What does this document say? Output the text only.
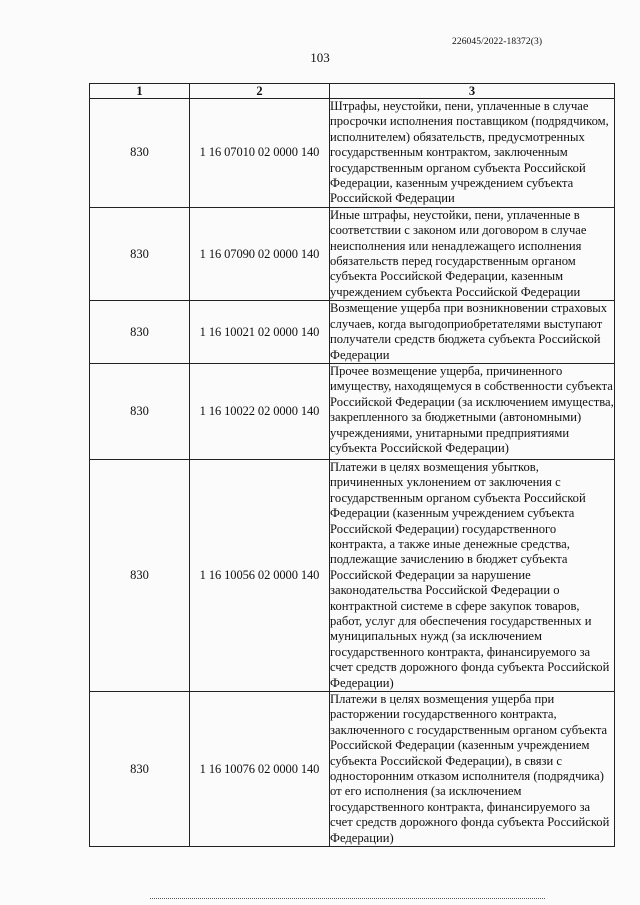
226045/2022-18372(3)
103
1	2	3
830	1 16 07010 02 0000 140	Штрафы, неустойки, пени, уплаченные в случае просрочки исполнения поставщиком (подрядчиком, исполнителем) обязательств, предусмотренных государственным контрактом, заключенным государственным органом субъекта Российской Федерации, казенным учреждением субъекта Российской Федерации
830	1 16 07090 02 0000 140	Иные штрафы, неустойки, пени, уплаченные в соответствии с законом или договором в случае неисполнения или ненадлежащего исполнения обязательств перед государственным органом субъекта Российской Федерации, казенным учреждением субъекта Российской Федерации
830	1 16 10021 02 0000 140	Возмещение ущерба при возникновении страховых случаев, когда выгодоприобретателями выступают получатели средств бюджета субъекта Российской Федерации
830	1 16 10022 02 0000 140	Прочее возмещение ущерба, причиненного имуществу, находящемуся в собственности субъекта Российской Федерации (за исключением имущества, закрепленного за бюджетными (автономными) учреждениями, унитарными предприятиями субъекта Российской Федерации)
830	1 16 10056 02 0000 140	Платежи в целях возмещения убытков, причиненных уклонением от заключения с государственным органом субъекта Российской Федерации (казенным учреждением субъекта Российской Федерации) государственного контракта, а также иные денежные средства, подлежащие зачислению в бюджет субъекта Российской Федерации за нарушение законодательства Российской Федерации о контрактной системе в сфере закупок товаров, работ, услуг для обеспечения государственных и муниципальных нужд (за исключением государственного контракта, финансируемого за счет средств дорожного фонда субъекта Российской Федерации)
830	1 16 10076 02 0000 140	Платежи в целях возмещения ущерба при расторжении государственного контракта, заключенного с государственным органом субъекта Российской Федерации (казенным учреждением субъекта Российской Федерации), в связи с односторонним отказом исполнителя (подрядчика) от его исполнения (за исключением государственного контракта, финансируемого за счет средств дорожного фонда субъекта Российской Федерации)
